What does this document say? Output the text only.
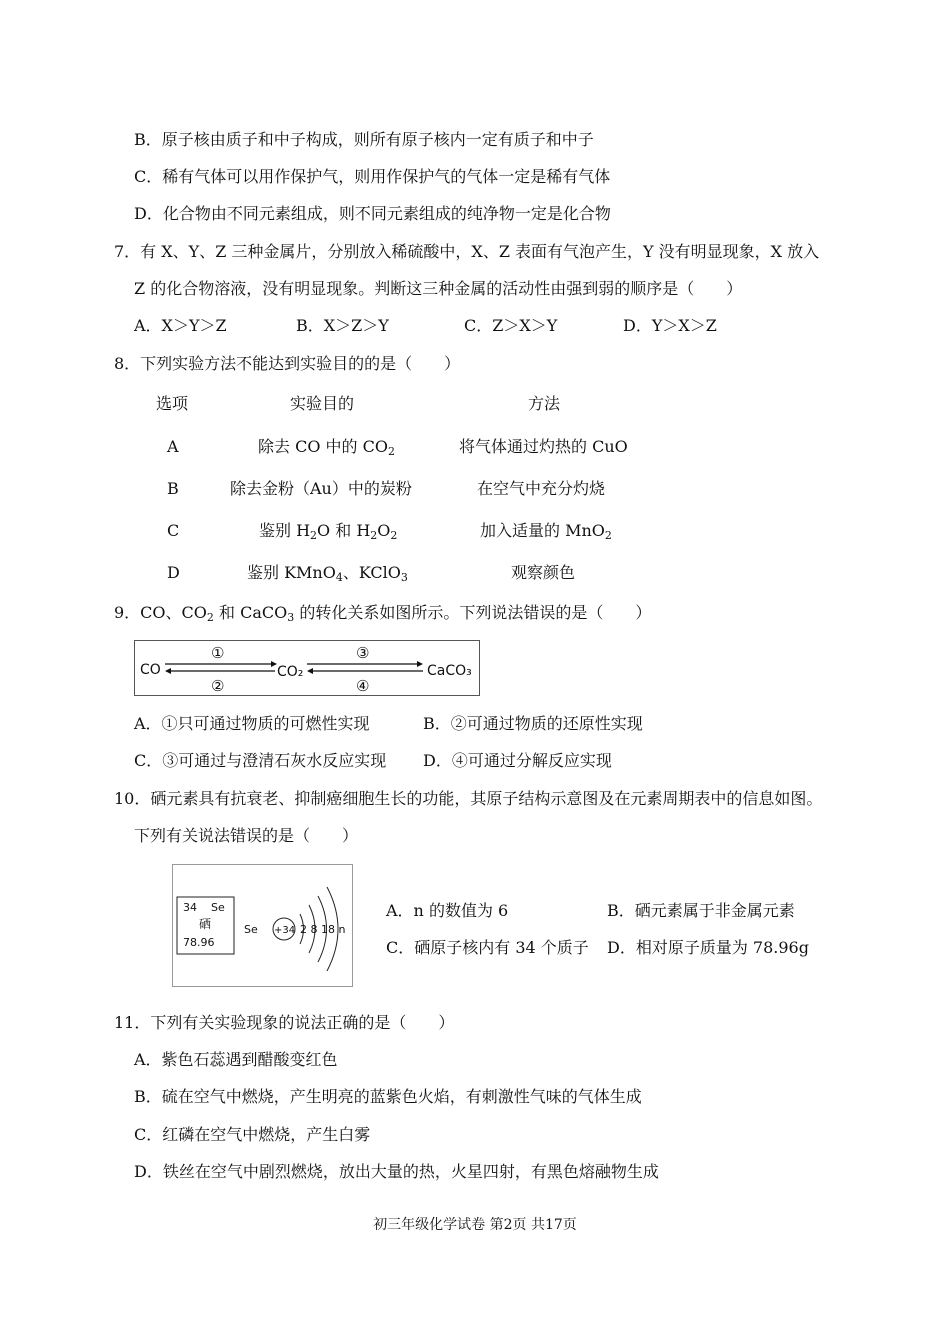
B．原子核由质子和中子构成，则所有原子核内一定有质子和中子
C．稀有气体可以用作保护气，则用作保护气的气体一定是稀有气体
D．化合物由不同元素组成，则不同元素组成的纯净物一定是化合物
7．有 X、Y、Z 三种金属片，分别放入稀硫酸中，X、Z 表面有气泡产生，Y 没有明显现象，X 放入
Z 的化合物溶液，没有明显现象。判断这三种金属的活动性由强到弱的顺序是（　　）
A．X＞Y＞Z	B．X＞Z＞Y	C．Z＞X＞Y	D．Y＞X＞Z
8．下列实验方法不能达到实验目的的是（　　）
选项	实验目的	方法
A	除去 CO 中的 $CO_2$	将气体通过灼热的 CuO
B	除去金粉（Au）中的炭粉	在空气中充分灼烧
C	鉴别 $H_2O$ 和 $H_2O_2$	加入适量的 MnO$_2$
D	鉴别 KMnO$_4$、KClO$_3$	观察颜色
9．CO、$CO_2$ 和 CaCO$_3$ 的转化关系如图所示。下列说法错误的是（　　）
CO	CO₂	CaCO₃
①
②
③
④
A．①只可通过物质的可燃性实现	B．②可通过物质的还原性实现
C．③可通过与澄清石灰水反应实现 D．④可通过分解反应实现
10．硒元素具有抗衰老、抑制癌细胞生长的功能，其原子结构示意图及在元素周期表中的信息如图。
下列有关说法错误的是（　　）
34 Se
硒
78.96
Se +34 2 8 18 n
A．n 的数值为 6	B．硒元素属于非金属元素
C．硒原子核内有 34 个质子 D．相对原子质量为 78.96g
11．下列有关实验现象的说法正确的是（　　）
A．紫色石蕊遇到醋酸变红色
B．硫在空气中燃烧，产生明亮的蓝紫色火焰，有刺激性气味的气体生成
C．红磷在空气中燃烧，产生白雾
D．铁丝在空气中剧烈燃烧，放出大量的热，火星四射，有黑色熔融物生成
初三年级化学试卷 第2页 共17页
